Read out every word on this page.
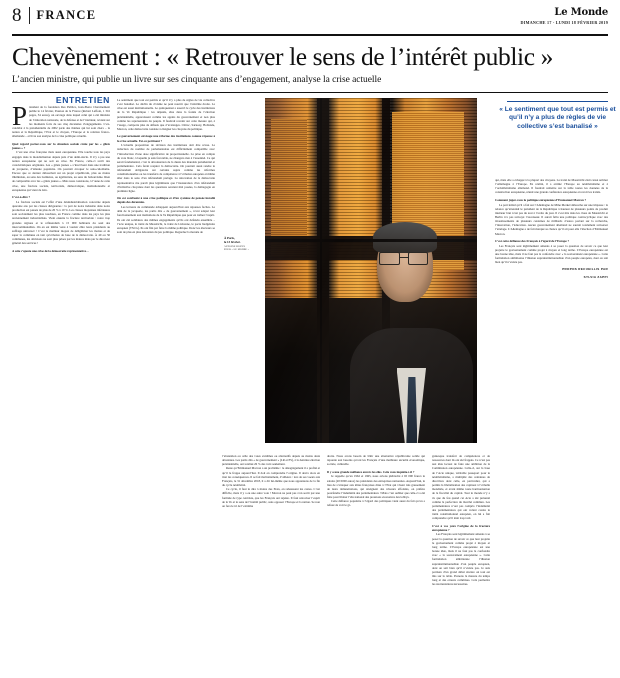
8 FRANCE	Le Monde
DIMANCHE 17 - LUNDI 18 FÉVRIER 2019
Chevènement : « Retrouver le sens de l’intérêt public »
L’ancien ministre, qui publie un livre sur ses cinquante ans d’engagement, analyse la crise actuelle
ENTRETIEN
P résident de la fondation Res Publica, Jean-Pierre Chevènement publie le 14 février, Passion de la France (Robert Laffont, 1 316 pages, 34 euros), un ouvrage dans lequel celui qui a été ministre de l’éducation nationale, de la défense et de l’intérieur, revient sur les moments forts de ses cinq décennies d’engagements. L’ex-candidat à la présidentielle de 2002 parle des thèmes qui lui sont chers – la nation et la République, l’Etat et le citoyen, l’Europe et la relation franco-allemande – et livre son analyse de la crise politique actuelle.

Quel regard portez-vous sur la situation sociale créée par les « gilets jaunes » ?

C’est une crise française mais aussi européenne. Elle touche tous les pays engagés dans la mondialisation depuis près d’un demi-siècle. Il n’y a pas une nation européenne qui ne soit en crise. En France, celle-ci revêt des caractéristiques originales. Les « gilets jaunes » s’inscrivent dans une tradition de jacquerie, d’émeute populaire. On pourrait évoquer le sans-culottisme. Encore que ce dernier débouchait sur un projet républicain, plus ou moins illuministe, au sens des Lumières, ou égalitariste, au sens du babouvisme. Rien de comparable avec les « gilets jaunes ». Mais nous constatons, à l’aune de cette crise, une fracture sociale, territoriale, démocratique, institutionnelle et européenne qui vient de loin.

C’est-à-dire ?

La fracture sociale est l’effet d’une désindustrialisation concertée depuis quarante ans par les classes dirigeantes : la part de notre industrie dans notre production est passée de plus de 20 % à 10 %. Les classes moyennes inférieures sont socialement les plus touchées, en France comme dans les pays les plus anciennement industrialisés. Vient ensuite la fracture territoriale : notre trop grandes régions et le référendum à 15 000 habitants du seul des intercommunalités. On en est même venu à vouloir élire leurs présidents au suffrage universel ! C’est le meilleur moyen de déligitimer les maires et de saper la commune en tant qu’échelon de base de la démocratie. À 40 ou 50 communes, les décisions ne sont plus prises par les maires mais par le directeur général des services !

A cela s’ajoute une crise de la démocratie représentative…

Le sentiment que tout est permis et qu’il n’y a plus de règles de vie collective s’est banalisé. Le déclin du civisme ne peut nourrir que l’extrême droite. La crise est aussi institutionnelle. Le quinquennat a asservi le cycle des institutions de la Ve République : les députés, élus dans la foulée de l’élection présidentielle, apparaissent comme les agents du gouvernement et non plus comme les représentants du peuple. Il faudrait revenir sur cette mesure qui, à l’usage, comporte plus de défauts que d’avantages. Chirac, Sarkozy, Hollande, Macron, cette démocratie consiste à éloigner les citoyens du politique.

Le gouvernement envisage une réforme des institutions comme réponse à la crise actuelle. Est-ce pertinent ?

L’actuelle proposition de révision des institutions doit être revue. La réduction du nombre de parlementaires est difficilement compatible avec l’introduction d’une dose significative de proportionnelle. La prise en compte du vote blanc, à laquelle je suis favorable, ne changera rien à l’essentiel. Ce qui serait fondamental, c’est la déconnexion de la durée des mandats présidentiel et parlementaire. Cela ferait respirer la démocratie. On pourrait aussi rendre le référendum obligatoire sur certains sujets comme les réformes constitutionnelles ou les transferts de compétence à l’échelon européen et même aller dans le sens d’un référendum partagé. La rénovation de la démocratie représentative me paraît plus légitimante que l’instauration d’un référendum d’initiative citoyenne dont les questions seraient mal posées, la démagogie en première ligne.

On est confronté à une crise politique et d’un système de pensée installé depuis des décennies.

Les lecteurs de commande échappent aujourd’hui aux réponses faciles. Le déni de la jacquerie, les partis dits « de gouvernement », n’ont adapté leur fonctionnement aux institutions de la Ve République que pour en traîner l’esprit. Ils ont été solidaires des mêmes engagements qu’ils ont défendu ensemble – l’acte unique, le traité de Maastricht, le traité de Lisbonne, le pacte budgétaire européen (TSCG). Ils ont fini par faire la même politique. Donc les électeurs se sont de plus en plus détournés du jeu politique. Regardez la montée de

l’abstention ou celle des votes extrêmes ou alternatifs depuis au moins deux décennies. Les partis dits « de gouvernement » (LR et PS), à la dernière élection présidentielle, ont totalisé 26 % des voix seulement.

Reste qu’Emmanuel Macron a un problème : le désagrègement il a profité et qu’il le frappe aujourd’hui. Il doit en comprendre l’origine. Il devra alors en tirer les conséquences. Il se fait maltraitement, d’ailleurs : lors de ses voeux aux Français, le 31 décembre 2018, il a dit lui-même que nous apprenions de la fin du cycle néolibéral.

Ce cycle, il faut le dire à moins des Etats, en rehaussant les castes. C’est difficile, mais il y a eu une autre voie ! Macron ne peut pas s’en sortir par une formule de type centriste, que les Français ont rejetée. Il faut retrouver l’esprit de la Ve et le sens de l’intérêt public, sans opposer l’Europe et la nation. Se non on fera le tri de l’extrême

droite. Nous avons besoin de bâtir une alternative républicaine solide qui réponde aux besoins qu’ont les Français d’une meilleure sécurité économique, sociale, culturelle.

Il y a une grande méfiance envers les élus. Cela vous inquiète-t-il ?

Je rappelle qu’en 1962 et 1965, nous avions plébiscité à 65 000 francs le salaire (20 0000 euros) les présidents des entreprises nationales. Aujourd’hui, le lieu de s’attaquer aux élites françaises dites à l’Etat qui vivent très grassement de leurs rémunérations, qui atteignent des niveaux affolants, on préfère pourfendre l’indemnité des parlementaires ! Mais c’est oublier que celle-ci a été faite pour libérer l’élu national des pressions excessives des lobbys.

Cette défiance populaire à l’égard des politiques vient aussi du fait qu’on a refusé de voir le gi-

gantesque transfert de compétences et de ressources dont ils ont été frappés. Ce n’est pas aux élus locaux de faire une ambition de la Commission européenne. Celle-ci, sur la base de l’Acte unique, véritable passeport pour le néolibéralisme, a multiplié des centaines de directives dont celle, en particulier, qui a permis la libéralisation des capitaux à l’échelle mondiale, et avant même toute harmonisation de la fiscalité du capital. Tout le monde n’y a vu que du feu quand cet Acte a été présenté comme la perfection du marché commun. Les parlementaires n’ont pas compris l’indemnité des parlementaires qui ont volant contre le traité constitutionnel européen, on lui a fait comprendre qu’il était trop tard.

C’est à vos yeux l’origine de la fracture européenne ?

Les Français sont légitimement amenés à se poser la question de savoir ce que leur projette le gouvernement comme projet à moyen et long terme. L’Europe européenne est une bonne idée, mais il ne faut pas la confondre avec « la souveraineté européenne ». Cette formulation ambitionne l’illusion suprainstitutionnaliste d’un peuple européen, dont on sait bien qu’il n’existe pas. Je suis partisan d’un grand débat sincère où tout est mis sur la table. Prenons la mesure du temps long et des erreurs commises. Cela permettra les réorientations nécessaires.

qui, mais elle a échappé à la plupart des citoyens. La traité de Maastricht était censé arrimer l’Allemagne à l’Europe. En réalité, il a arrimé l’Europe au néolibéralisme et à l’ordolibéralisme allemand. Il faudrait remettre sur la table toutes les données de la construction européenne, réunir une grande conférence européenne et revoir les traités.

Comment jugez-vous la politique européenne d’Emmanuel Macron ?

Le pari initial qu’il a fait sur l’Allemagne de Mme Merkel débouche sur une impasse : la relance qu’attendait le président de la République à hauteur de plusieurs points de produit intérieur brut n’est pas du tout à l’ordre du jour. Il s’est mis dans les clous de Maastricht et Berlin n’a pas renvoyé l’ascenseur. Il aurait fallu une politique contracyclique avec des investissements de plusieurs centaines de milliards d’euros portant sur la recherche, l’innovation, l’éducation. Aucun gouvernement allemand ne saurait totalement renverser l’attelage. L’Allemagne a de fait marqué sa chance qu’il ait pour elle l’élection d’Emmanuel Macron.

C’est cette défiance des Français à l’égard de l’Europe ?

Les Français sont légitimement amenés à se poser la question de savoir ce que leur projette le gouvernement comme projet à moyen et long terme. L’Europe européenne est une bonne idée, mais il ne faut pas la confondre avec « la souveraineté européenne ». Cette formulation ambitionne l’illusion suprainstitutionnaliste d’un peuple européen, dont on sait bien qu’il n’existe pas.

PROPOS RECUEILLIS PAR
SYLVIA ZAPPI
À Paris,
le 13 février.
ANTOINE DOYEN
POUR « LE MONDE »
« Le sentiment que tout est permis et qu’il n’y a plus de règles de vie collective s’est banalisé »
